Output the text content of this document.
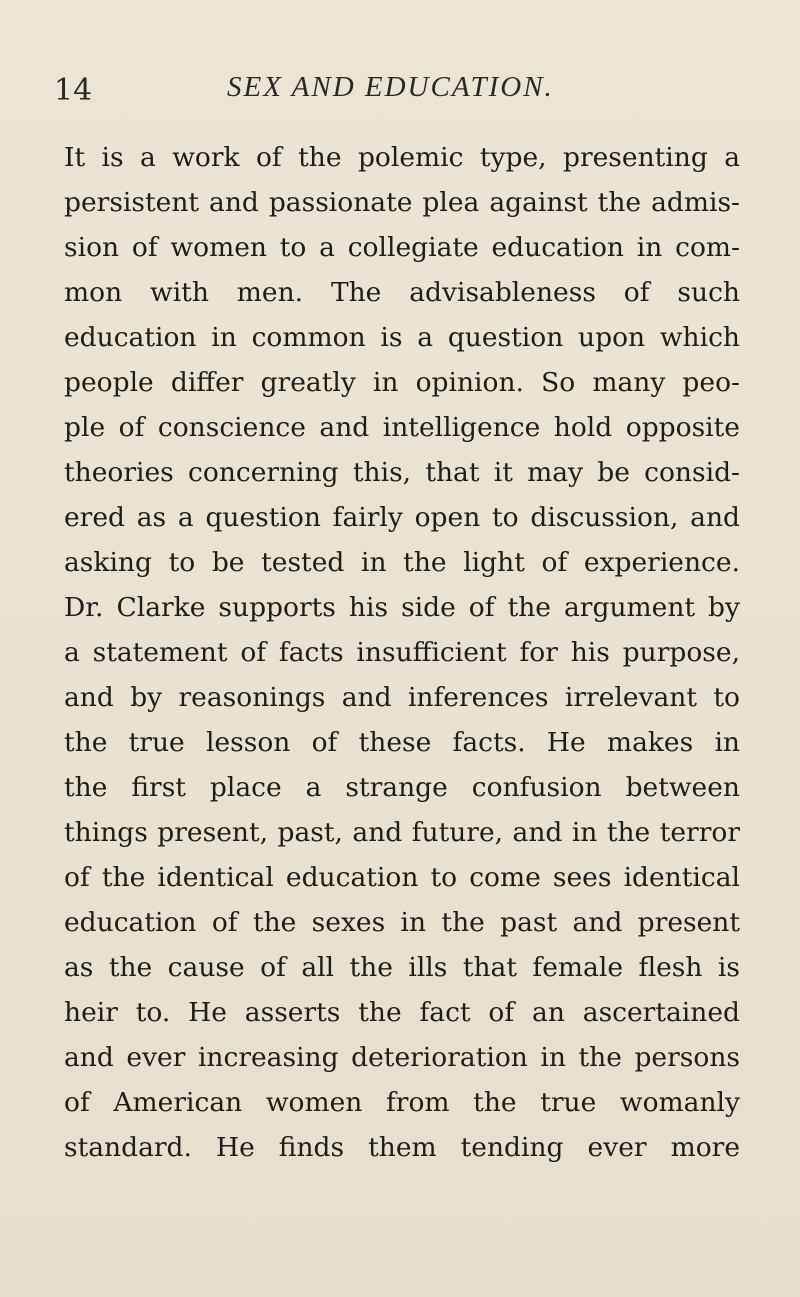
14	SEX AND EDUCATION.
It is a work of the polemic type, presenting a
persistent and passionate plea against the admis-
sion of women to a collegiate education in com-
mon with men. The advisableness of such
education in common is a question upon which
people differ greatly in opinion. So many peo-
ple of conscience and intelligence hold opposite
theories concerning this, that it may be consid-
ered as a question fairly open to discussion, and
asking to be tested in the light of experience.
Dr. Clarke supports his side of the argument by
a statement of facts insufficient for his purpose,
and by reasonings and inferences irrelevant to
the true lesson of these facts. He makes in
the first place a strange confusion between
things present, past, and future, and in the terror
of the identical education to come sees identical
education of the sexes in the past and present
as the cause of all the ills that female flesh is
heir to. He asserts the fact of an ascertained
and ever increasing deterioration in the persons
of American women from the true womanly
standard. He finds them tending ever more
